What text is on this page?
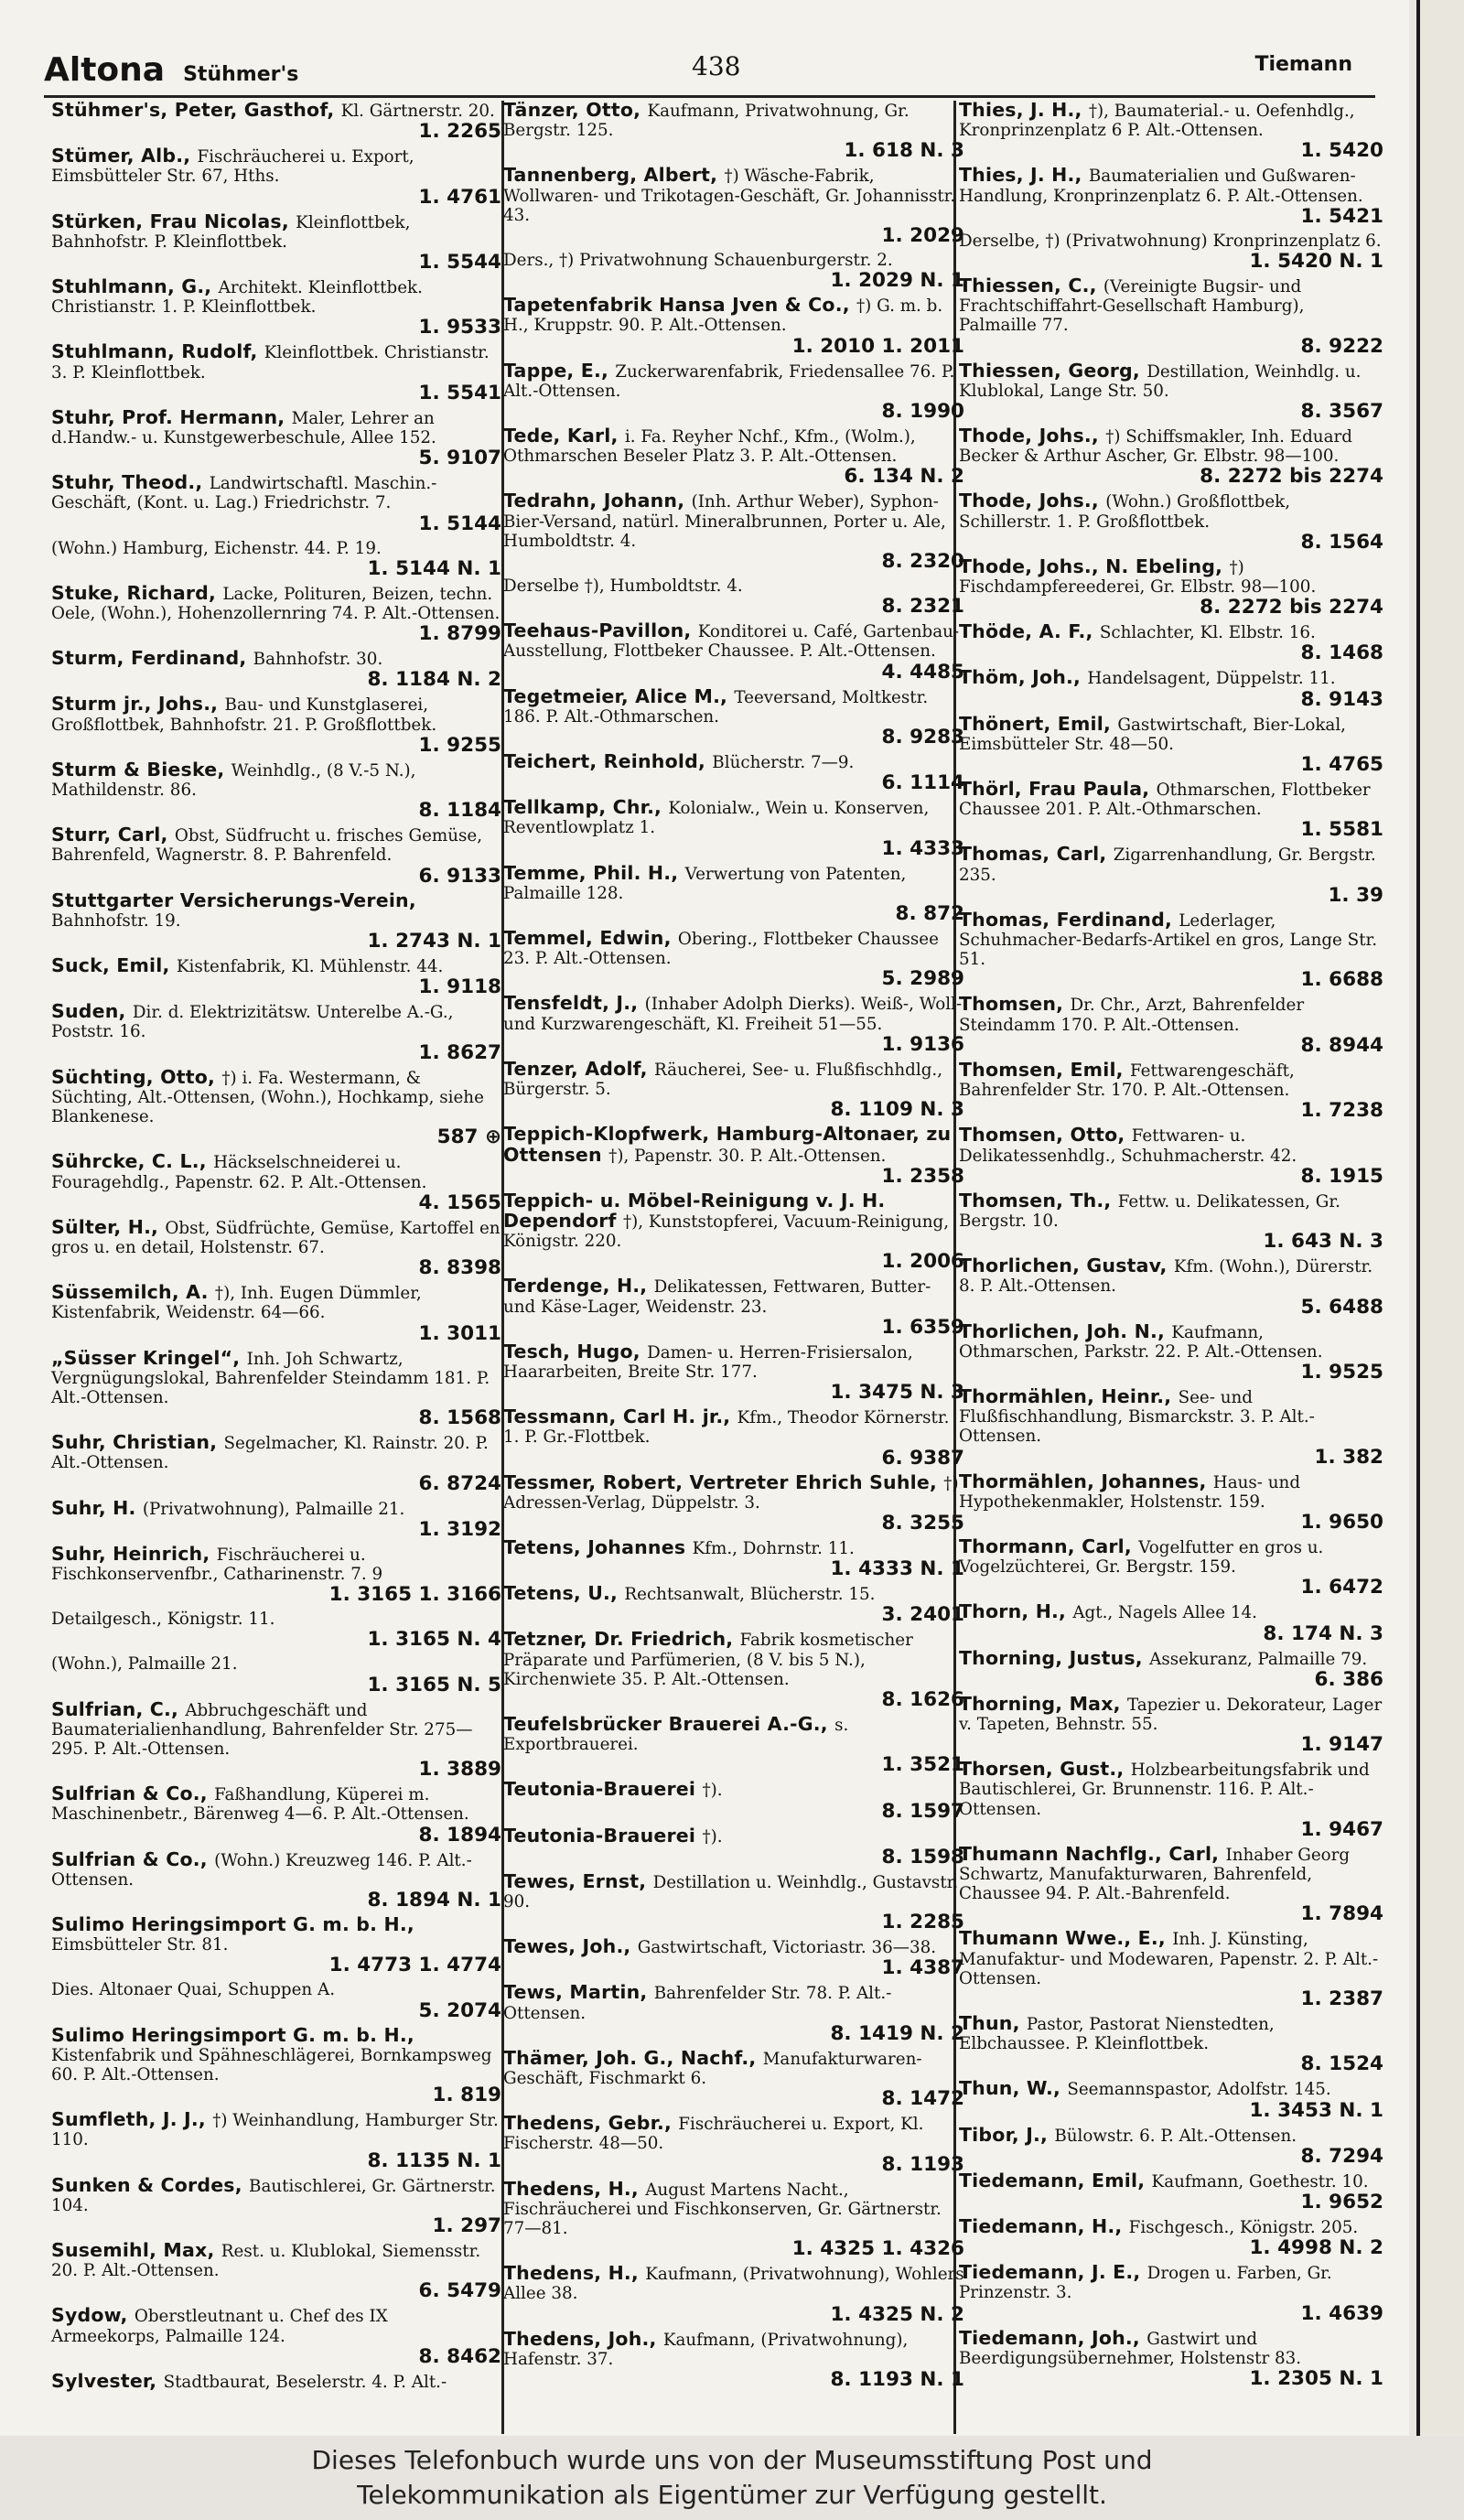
Altona Stühmer's	438	Tiemann
Stühmer's, Peter, Gasthof, Kl. Gärtnerstr. 20.
1. 2265
Stümer, Alb., Fischräucherei u. Export, Eimsbütteler Str. 67, Hths.
1. 4761
Stürken, Frau Nicolas, Kleinflottbek, Bahnhofstr. P. Kleinflottbek.
1. 5544
Stuhlmann, G., Architekt. Kleinflottbek. Christianstr. 1. P. Kleinflottbek.
1. 9533
Stuhlmann, Rudolf, Kleinflottbek. Christianstr. 3. P. Kleinflottbek.
1. 5541
Stuhr, Prof. Hermann, Maler, Lehrer an d.Handw.- u. Kunstgewerbeschule, Allee 152.
5. 9107
Stuhr, Theod., Landwirtschaftl. Maschin.- Geschäft, (Kont. u. Lag.) Friedrichstr. 7.
1. 5144
(Wohn.) Hamburg, Eichenstr. 44. P. 19.
1. 5144 N. 1
Stuke, Richard, Lacke, Polituren, Beizen, techn. Oele, (Wohn.), Hohenzollernring 74. P. Alt.-Ottensen.
1. 8799
Sturm, Ferdinand, Bahnhofstr. 30.
8. 1184 N. 2
Sturm jr., Johs., Bau- und Kunstglaserei, Großflottbek, Bahnhofstr. 21. P. Großflottbek.
1. 9255
Sturm & Bieske, Weinhdlg., (8 V.-5 N.), Mathildenstr. 86.
8. 1184
Sturr, Carl, Obst, Südfrucht u. frisches Gemüse, Bahrenfeld, Wagnerstr. 8. P. Bahrenfeld.
6. 9133
Stuttgarter Versicherungs-Verein, Bahnhofstr. 19.
1. 2743 N. 1
Suck, Emil, Kistenfabrik, Kl. Mühlenstr. 44.
1. 9118
Suden, Dir. d. Elektrizitätsw. Unterelbe A.-G., Poststr. 16.
1. 8627
Süchting, Otto, †) i. Fa. Westermann, & Süchting, Alt.-Ottensen, (Wohn.), Hochkamp, siehe Blankenese.
587 ⊕
Sührcke, C. L., Häckselschneiderei u. Fouragehdlg., Papenstr. 62. P. Alt.-Ottensen.
4. 1565
Sülter, H., Obst, Südfrüchte, Gemüse, Kartoffel en gros u. en detail, Holstenstr. 67.
8. 8398
Süssemilch, A. †), Inh. Eugen Dümmler, Kistenfabrik, Weidenstr. 64—66.
1. 3011
„Süsser Kringel“, Inh. Joh Schwartz, Vergnügungslokal, Bahrenfelder Steindamm 181. P. Alt.-Ottensen.
8. 1568
Suhr, Christian, Segelmacher, Kl. Rainstr. 20. P. Alt.-Ottensen.
6. 8724
Suhr, H. (Privatwohnung), Palmaille 21.
1. 3192
Suhr, Heinrich, Fischräucherei u. Fischkonservenfbr., Catharinenstr. 7. 9
1. 3165 1. 3166
Detailgesch., Königstr. 11.
1. 3165 N. 4
(Wohn.), Palmaille 21.
1. 3165 N. 5
Sulfrian, C., Abbruchgeschäft und Baumaterialienhandlung, Bahrenfelder Str. 275—295. P. Alt.-Ottensen.
1. 3889
Sulfrian & Co., Faßhandlung, Küperei m. Maschinenbetr., Bärenweg 4—6. P. Alt.-Ottensen.
8. 1894
Sulfrian & Co., (Wohn.) Kreuzweg 146. P. Alt.-Ottensen.
8. 1894 N. 1
Sulimo Heringsimport G. m. b. H., Eimsbütteler Str. 81.
1. 4773 1. 4774
Dies. Altonaer Quai, Schuppen A.
5. 2074
Sulimo Heringsimport G. m. b. H., Kistenfabrik und Spähneschlägerei, Bornkampsweg 60. P. Alt.-Ottensen.
1. 819
Sumfleth, J. J., †) Weinhandlung, Hamburger Str. 110.
8. 1135 N. 1
Sunken & Cordes, Bautischlerei, Gr. Gärtnerstr. 104.
1. 297
Susemihl, Max, Rest. u. Klublokal, Siemensstr. 20. P. Alt.-Ottensen.
6. 5479
Sydow, Oberstleutnant u. Chef des IX Armeekorps, Palmaille 124.
8. 8462
Sylvester, Stadtbaurat, Beselerstr. 4. P. Alt.-
Tänzer, Otto, Kaufmann, Privatwohnung, Gr. Bergstr. 125.
1. 618 N. 3
Tannenberg, Albert, †) Wäsche-Fabrik, Wollwaren- und Trikotagen-Geschäft, Gr. Johannisstr. 43.
1. 2029
Ders., †) Privatwohnung Schauenburgerstr. 2.
1. 2029 N. 1
Tapetenfabrik Hansa Jven & Co., †) G. m. b. H., Kruppstr. 90. P. Alt.-Ottensen.
1. 2010 1. 2011
Tappe, E., Zuckerwarenfabrik, Friedensallee 76. P. Alt.-Ottensen.
8. 1990
Tede, Karl, i. Fa. Reyher Nchf., Kfm., (Wolm.), Othmarschen Beseler Platz 3. P. Alt.-Ottensen.
6. 134 N. 2
Tedrahn, Johann, (Inh. Arthur Weber), Syphon-Bier-Versand, natürl. Mineralbrunnen, Porter u. Ale, Humboldtstr. 4.
8. 2320
Derselbe †), Humboldtstr. 4.
8. 2321
Teehaus-Pavillon, Konditorei u. Café, Gartenbau-Ausstellung, Flottbeker Chaussee. P. Alt.-Ottensen.
4. 4485
Tegetmeier, Alice M., Teeversand, Moltkestr. 186. P. Alt.-Othmarschen.
8. 9283
Teichert, Reinhold, Blücherstr. 7—9.
6. 1114
Tellkamp, Chr., Kolonialw., Wein u. Konserven, Reventlowplatz 1.
1. 4333
Temme, Phil. H., Verwertung von Patenten, Palmaille 128.
8. 872
Temmel, Edwin, Obering., Flottbeker Chaussee 23. P. Alt.-Ottensen.
5. 2989
Tensfeldt, J., (Inhaber Adolph Dierks). Weiß-, Woll- und Kurzwarengeschäft, Kl. Freiheit 51—55.
1. 9136
Tenzer, Adolf, Räucherei, See- u. Flußfischhdlg., Bürgerstr. 5.
8. 1109 N. 3
Teppich-Klopfwerk, Hamburg-Altonaer, zu Ottensen †), Papenstr. 30. P. Alt.-Ottensen.
1. 2358
Teppich- u. Möbel-Reinigung v. J. H. Dependorf †), Kunststopferei, Vacuum-Reinigung, Königstr. 220.
1. 2006
Terdenge, H., Delikatessen, Fettwaren, Butter- und Käse-Lager, Weidenstr. 23.
1. 6359
Tesch, Hugo, Damen- u. Herren-Frisiersalon, Haararbeiten, Breite Str. 177.
1. 3475 N. 3
Tessmann, Carl H. jr., Kfm., Theodor Körnerstr. 1. P. Gr.-Flottbek.
6. 9387
Tessmer, Robert, Vertreter Ehrich Suhle, †) Adressen-Verlag, Düppelstr. 3.
8. 3255
Tetens, Johannes Kfm., Dohrnstr. 11.
1. 4333 N. 1
Tetens, U., Rechtsanwalt, Blücherstr. 15.
3. 2401
Tetzner, Dr. Friedrich, Fabrik kosmetischer Präparate und Parfümerien, (8 V. bis 5 N.), Kirchenwiete 35. P. Alt.-Ottensen.
8. 1626
Teufelsbrücker Brauerei A.-G., s. Exportbrauerei.
1. 3521
Teutonia-Brauerei †).
8. 1597
Teutonia-Brauerei †).
8. 1598
Tewes, Ernst, Destillation u. Weinhdlg., Gustavstr. 90.
1. 2285
Tewes, Joh., Gastwirtschaft, Victoriastr. 36—38.
1. 4387
Tews, Martin, Bahrenfelder Str. 78. P. Alt.-Ottensen.
8. 1419 N. 2
Thämer, Joh. G., Nachf., Manufakturwaren-Geschäft, Fischmarkt 6.
8. 1472
Thedens, Gebr., Fischräucherei u. Export, Kl. Fischerstr. 48—50.
8. 1193
Thedens, H., August Martens Nacht., Fischräucherei und Fischkonserven, Gr. Gärtnerstr. 77—81.
1. 4325 1. 4326
Thedens, H., Kaufmann, (Privatwohnung), Wohlers Allee 38.
1. 4325 N. 2
Thedens, Joh., Kaufmann, (Privatwohnung), Hafenstr. 37.
8. 1193 N. 1
Thies, J. H., †), Baumaterial.- u. Oefenhdlg., Kronprinzenplatz 6 P. Alt.-Ottensen.
1. 5420
Thies, J. H., Baumaterialien und Gußwaren-Handlung, Kronprinzenplatz 6. P. Alt.-Ottensen.
1. 5421
Derselbe, †) (Privatwohnung) Kronprinzenplatz 6.
1. 5420 N. 1
Thiessen, C., (Vereinigte Bugsir- und Frachtschiffahrt-Gesellschaft Hamburg), Palmaille 77.
8. 9222
Thiessen, Georg, Destillation, Weinhdlg. u. Klublokal, Lange Str. 50.
8. 3567
Thode, Johs., †) Schiffsmakler, Inh. Eduard Becker & Arthur Ascher, Gr. Elbstr. 98—100.
8. 2272 bis 2274
Thode, Johs., (Wohn.) Großflottbek, Schillerstr. 1. P. Großflottbek.
8. 1564
Thode, Johs., N. Ebeling, †) Fischdampfereederei, Gr. Elbstr. 98—100.
8. 2272 bis 2274
Thöde, A. F., Schlachter, Kl. Elbstr. 16.
8. 1468
Thöm, Joh., Handelsagent, Düppelstr. 11.
8. 9143
Thönert, Emil, Gastwirtschaft, Bier-Lokal, Eimsbütteler Str. 48—50.
1. 4765
Thörl, Frau Paula, Othmarschen, Flottbeker Chaussee 201. P. Alt.-Othmarschen.
1. 5581
Thomas, Carl, Zigarrenhandlung, Gr. Bergstr. 235.
1. 39
Thomas, Ferdinand, Lederlager, Schuhmacher-Bedarfs-Artikel en gros, Lange Str. 51.
1. 6688
Thomsen, Dr. Chr., Arzt, Bahrenfelder Steindamm 170. P. Alt.-Ottensen.
8. 8944
Thomsen, Emil, Fettwarengeschäft, Bahrenfelder Str. 170. P. Alt.-Ottensen.
1. 7238
Thomsen, Otto, Fettwaren- u. Delikatessenhdlg., Schuhmacherstr. 42.
8. 1915
Thomsen, Th., Fettw. u. Delikatessen, Gr. Bergstr. 10.
1. 643 N. 3
Thorlichen, Gustav, Kfm. (Wohn.), Dürerstr. 8. P. Alt.-Ottensen.
5. 6488
Thorlichen, Joh. N., Kaufmann, Othmarschen, Parkstr. 22. P. Alt.-Ottensen.
1. 9525
Thormählen, Heinr., See- und Flußfischhandlung, Bismarckstr. 3. P. Alt.-Ottensen.
1. 382
Thormählen, Johannes, Haus- und Hypothekenmakler, Holstenstr. 159.
1. 9650
Thormann, Carl, Vogelfutter en gros u. Vogelzüchterei, Gr. Bergstr. 159.
1. 6472
Thorn, H., Agt., Nagels Allee 14.
8. 174 N. 3
Thorning, Justus, Assekuranz, Palmaille 79.
6. 386
Thorning, Max, Tapezier u. Dekorateur, Lager v. Tapeten, Behnstr. 55.
1. 9147
Thorsen, Gust., Holzbearbeitungsfabrik und Bautischlerei, Gr. Brunnenstr. 116. P. Alt.-Ottensen.
1. 9467
Thumann Nachflg., Carl, Inhaber Georg Schwartz, Manufakturwaren, Bahrenfeld, Chaussee 94. P. Alt.-Bahrenfeld.
1. 7894
Thumann Wwe., E., Inh. J. Künsting, Manufaktur- und Modewaren, Papenstr. 2. P. Alt.-Ottensen.
1. 2387
Thun, Pastor, Pastorat Nienstedten, Elbchaussee. P. Kleinflottbek.
8. 1524
Thun, W., Seemannspastor, Adolfstr. 145.
1. 3453 N. 1
Tibor, J., Bülowstr. 6. P. Alt.-Ottensen.
8. 7294
Tiedemann, Emil, Kaufmann, Goethestr. 10.
1. 9652
Tiedemann, H., Fischgesch., Königstr. 205.
1. 4998 N. 2
Tiedemann, J. E., Drogen u. Farben, Gr. Prinzenstr. 3.
1. 4639
Tiedemann, Joh., Gastwirt und Beerdigungsübernehmer, Holstenstr 83.
1. 2305 N. 1
Dieses Telefonbuch wurde uns von der Museumsstiftung Post und
Telekommunikation als Eigentümer zur Verfügung gestellt.
